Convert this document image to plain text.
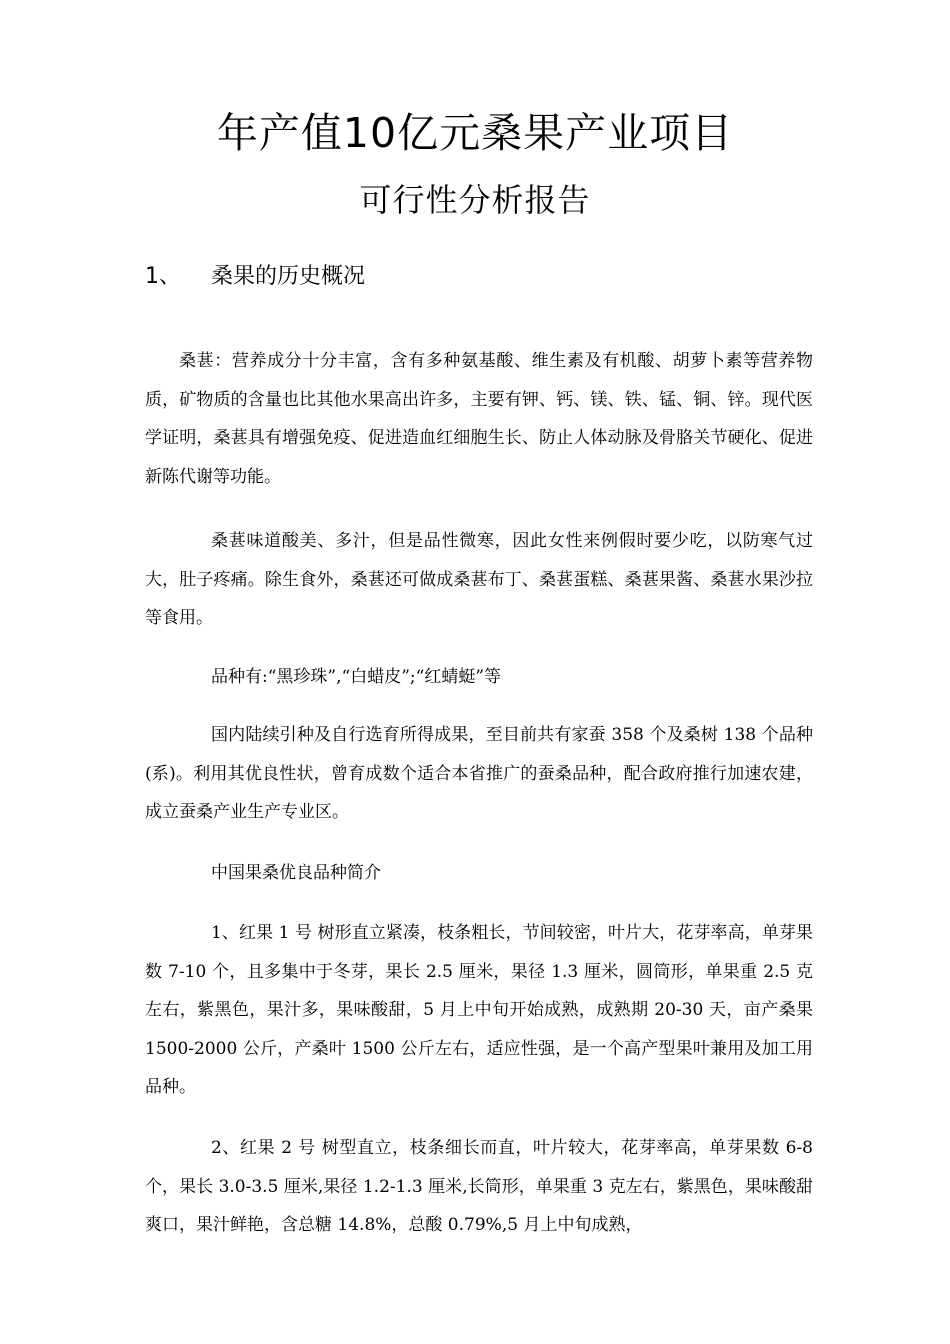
年产值10亿元桑果产业项目
可行性分析报告
1、 桑果的历史概况

桑葚：营养成分十分丰富，含有多种氨基酸、维生素及有机酸、胡萝卜素等营养物质，矿物质的含量也比其他水果高出许多，主要有钾、钙、镁、铁、锰、铜、锌。现代医学证明，桑葚具有增强免疫、促进造血红细胞生长、防止人体动脉及骨胳关节硬化、促进新陈代谢等功能。

桑葚味道酸美、多汁，但是品性微寒，因此女性来例假时要少吃，以防寒气过大，肚子疼痛。除生食外，桑葚还可做成桑葚布丁、桑葚蛋糕、桑葚果酱、桑葚水果沙拉等食用。

品种有:“黑珍珠”,“白蜡皮”;“红蜻蜓”等

国内陆续引种及自行选育所得成果，至目前共有家蚕 358 个及桑树 138 个品种(系)。利用其优良性状，曾育成数个适合本省推广的蚕桑品种，配合政府推行加速农建，成立蚕桑产业生产专业区。

中国果桑优良品种简介

1、红果 1 号 树形直立紧凑，枝条粗长，节间较密，叶片大，花芽率高，单芽果数 7-10 个，且多集中于冬芽，果长 2.5 厘米，果径 1.3 厘米，圆筒形，单果重 2.5 克左右，紫黑色，果汁多，果味酸甜，5 月上中旬开始成熟，成熟期 20-30 天，亩产桑果 1500-2000 公斤，产桑叶 1500 公斤左右，适应性强，是一个高产型果叶兼用及加工用品种。

2、红果 2 号 树型直立，枝条细长而直，叶片较大，花芽率高，单芽果数 6-8 个，果长 3.0-3.5 厘米,果径 1.2-1.3 厘米,长筒形，单果重 3 克左右，紫黑色，果味酸甜爽口，果汁鲜艳，含总糖 14.8%，总酸 0.79%,5 月上中旬成熟，
